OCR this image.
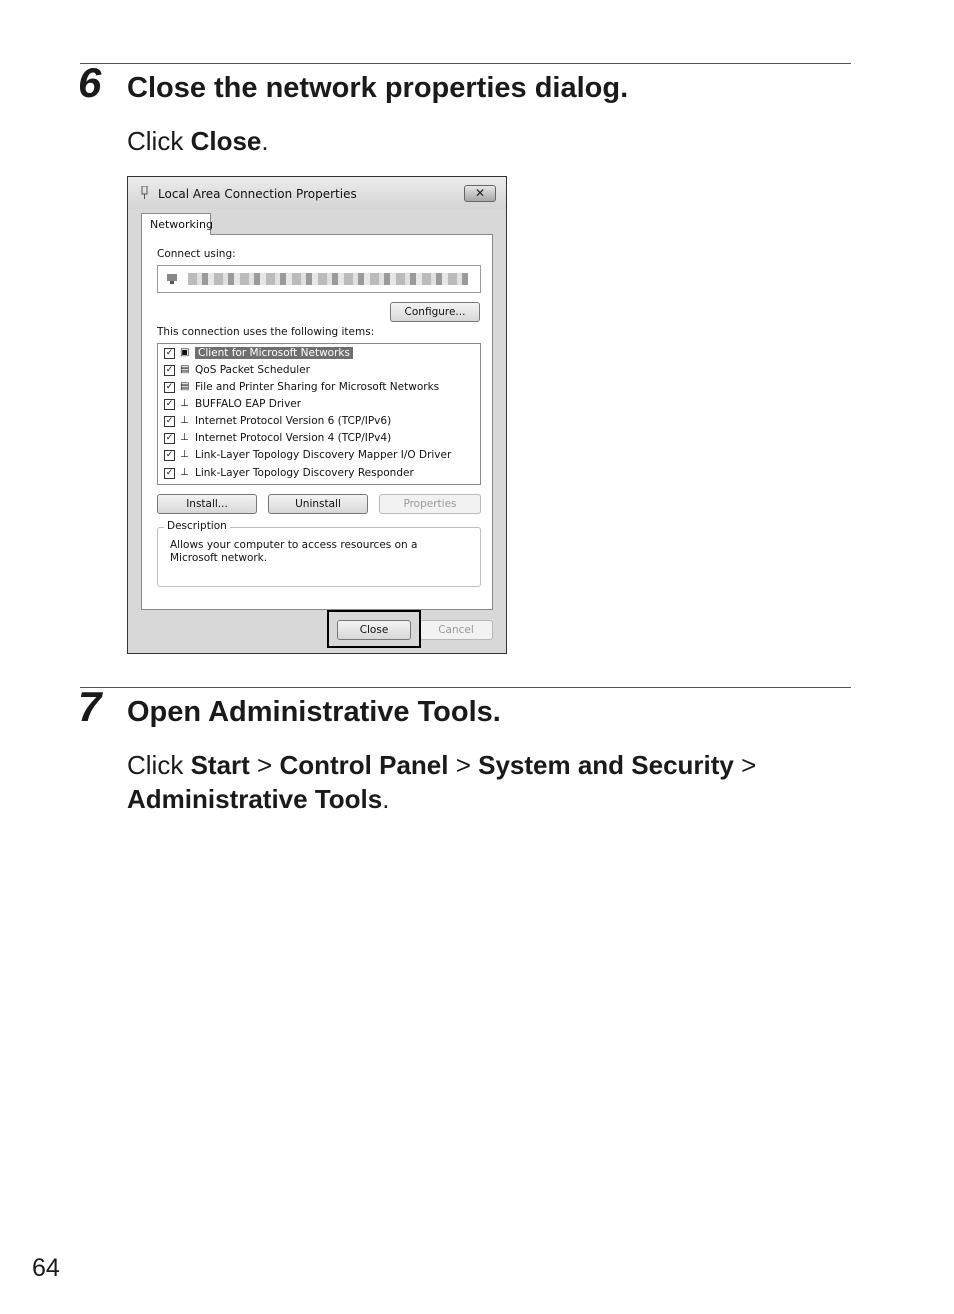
6 Close the network properties dialog.
Click Close.
Local Area Connection Properties	✕
Networking
Connect using:
Configure...
This connection uses the following items:
✓ ▣ Client for Microsoft Networks
✓ ▤ QoS Packet Scheduler
✓ ▤ File and Printer Sharing for Microsoft Networks
✓ ⊥ BUFFALO EAP Driver
✓ ⊥ Internet Protocol Version 6 (TCP/IPv6)
✓ ⊥ Internet Protocol Version 4 (TCP/IPv4)
✓ ⊥ Link-Layer Topology Discovery Mapper I/O Driver
✓ ⊥ Link-Layer Topology Discovery Responder
Install...	Uninstall	Properties
Description
Allows your computer to access resources on a Microsoft network.
Close	Cancel
7 Open Administrative Tools.
Click Start > Control Panel > System and Security >
Administrative Tools.
64
